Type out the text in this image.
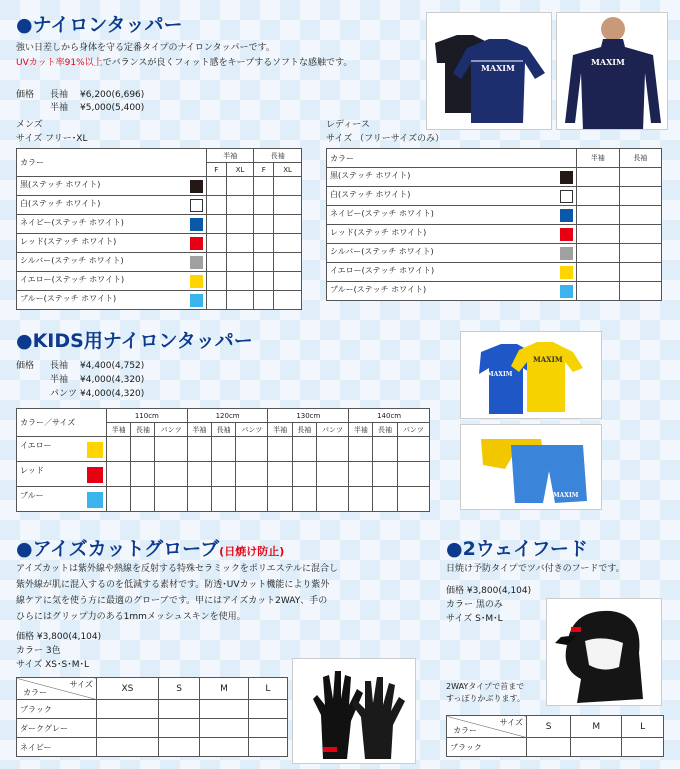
●ナイロンタッパー
強い日差しから身体を守る定番タイプのナイロンタッパーです。
UVカット率91%以上でバランスが良くフィット感をキープするソフトな感触です。
価格 長袖 ¥6,200(6,696)
半袖 ¥5,000(5,400)
メンズ
サイズ フリー･XL
レディース
サイズ （フリーサイズのみ）
MAXIM
MAXIM
カラー	半袖		長袖	
	F	XL	F	XL
黒(ステッチ ホワイト)

白(ステッチ ホワイト)

ネイビー(ステッチ ホワイト)

レッド(ステッチ ホワイト)

シルバー(ステッチ ホワイト)

イエロー(ステッチ ホワイト)

ブルー(ステッチ ホワイト)

カラー	半袖	長袖
黒(ステッチ ホワイト)

白(ステッチ ホワイト)

ネイビー(ステッチ ホワイト)

レッド(ステッチ ホワイト)

シルバー(ステッチ ホワイト)

イエロー(ステッチ ホワイト)

ブルー(ステッチ ホワイト)

●KIDS用ナイロンタッパー
価格 長袖 ¥4,400(4,752)
半袖 ¥4,000(4,320)
パンツ ¥4,000(4,320)
MAXIM
MAXIM
MAXIM
カラー／サイズ	110cm			120cm			130cm			140cm		
	半袖	長袖	パンツ	半袖	長袖	パンツ	半袖	長袖	パンツ	半袖	長袖	パンツ
イエロー

レッド

ブルー

●アイズカットグローブ(日焼け防止)
アイズカットは紫外線や熱線を反射する特殊セラミックをポリエステルに混合し
紫外線が肌に混入するのを低減する素材です。防透･UVカット機能により紫外
線ケアに気を使う方に最適のグローブです。甲にはアイズカット2WAY、手の
ひらにはグリップ力のある1mmメッシュスキンを使用。
価格 ¥3,800(4,104)
カラー 3色
サイズ XS･S･M･L
サイズ
カラー	XS	S	M	L
ブラック				
ダークグレー				
ネイビー				
●2ウェイフード
日焼け予防タイプでツバ付きのフードです。
価格 ¥3,800(4,104)
カラー 黒のみ
サイズ S･M･L
2WAYタイプで首まで
すっぽりかぶります。
サイズ
カラー	S	M	L
ブラック			
